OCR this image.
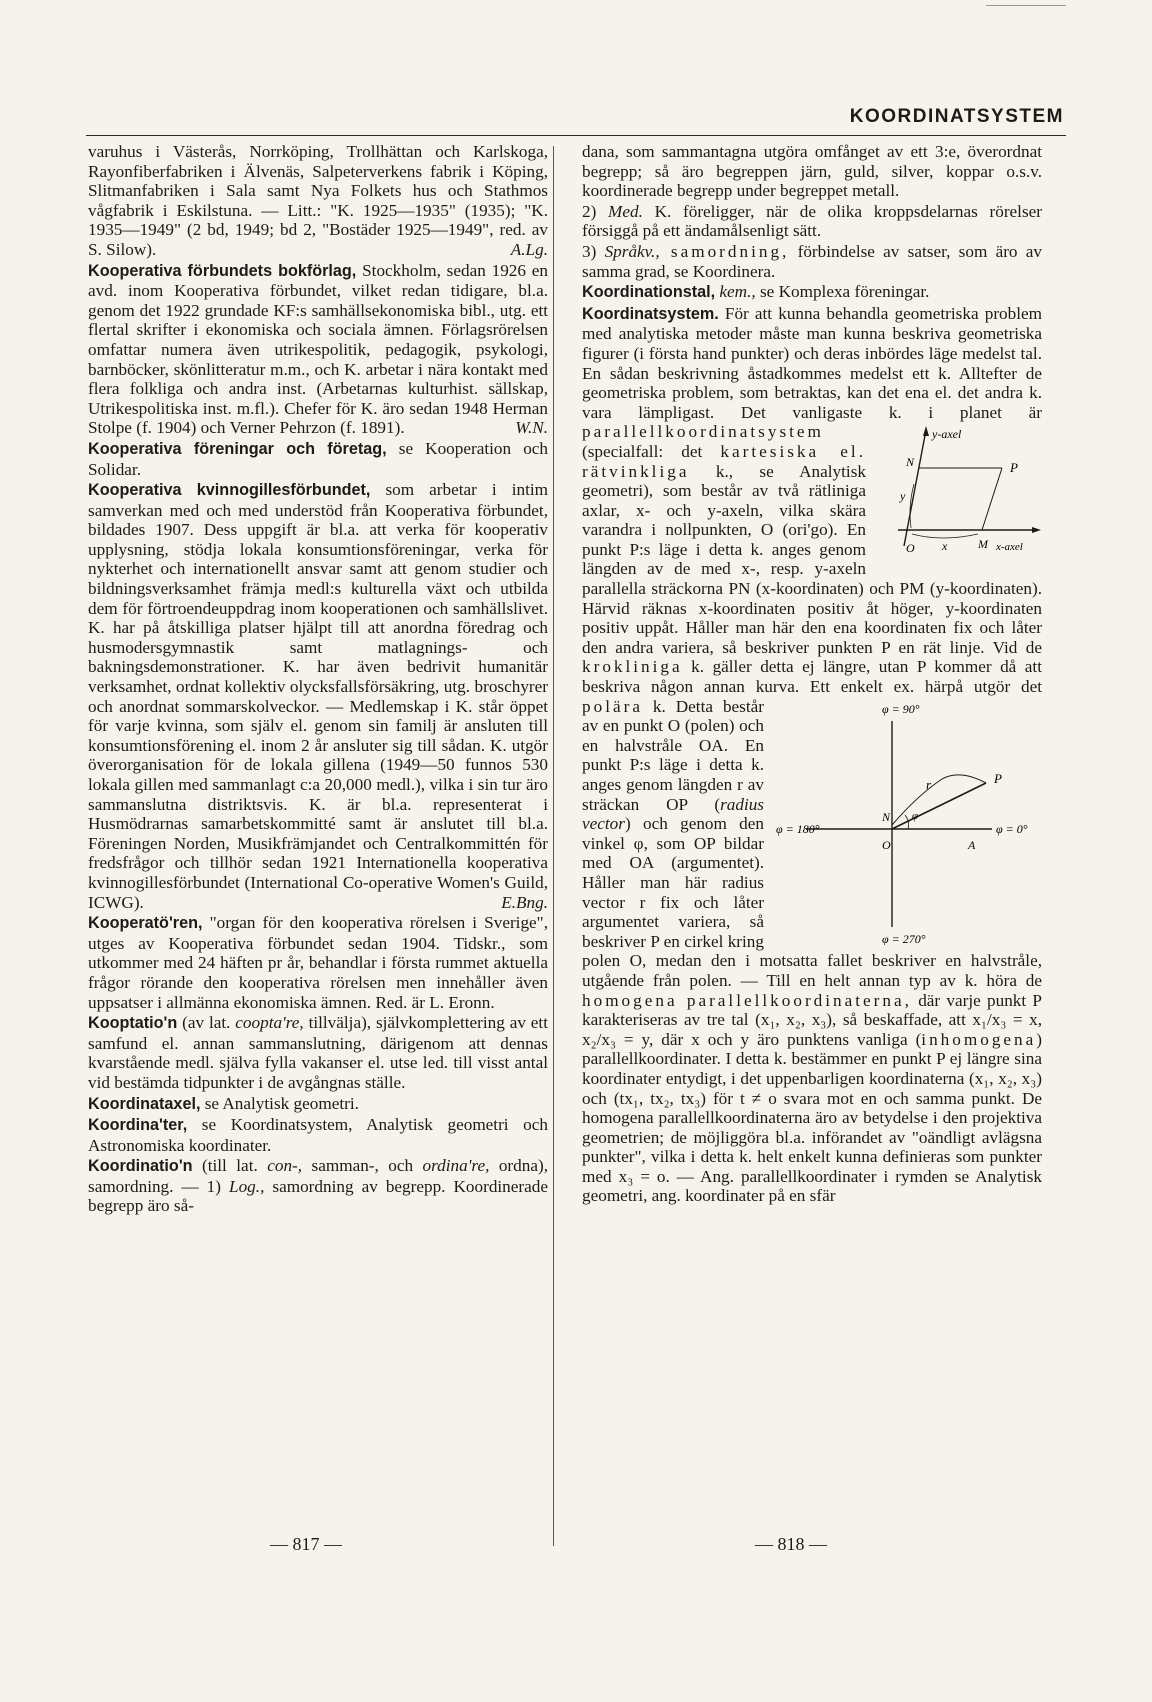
KOORDINATSYSTEM

varuhus i Västerås, Norrköping, Trollhättan och Karlskoga, Rayonfiberfabriken i Älvenäs, Salpeterverkens fabrik i Köping, Slitmanfabriken i Sala samt Nya Folkets hus och Stathmos vågfabrik i Eskilstuna. — Litt.: "K. 1925—1935" (1935); "K. 1935—1949" (2 bd, 1949; bd 2, "Bostäder 1925—1949", red. av S. Silow).	A.Lg.

Kooperativa förbundets bokförlag, Stockholm, sedan 1926 en avd. inom Kooperativa förbundet, vilket redan tidigare, bl.a. genom det 1922 grundade KF:s samhällsekonomiska bibl., utg. ett flertal skrifter i ekonomiska och sociala ämnen. Förlagsrörelsen omfattar numera även utrikespolitik, pedagogik, psykologi, barnböcker, skönlitteratur m.m., och K. arbetar i nära kontakt med flera folkliga och andra inst. (Arbetarnas kulturhist. sällskap, Utrikespolitiska inst. m.fl.). Chefer för K. äro sedan 1948 Herman Stolpe (f. 1904) och Verner Pehrzon (f. 1891).	W.N.

Kooperativa föreningar och företag, se Kooperation och Solidar.

Kooperativa kvinnogillesförbundet, som arbetar i intim samverkan med och med understöd från Kooperativa förbundet, bildades 1907. Dess uppgift är bl.a. att verka för kooperativ upplysning, stödja lokala konsumtionsföreningar, verka för nykterhet och internationellt ansvar samt att genom studier och bildningsverksamhet främja medl:s kulturella växt och utbilda dem för förtroendeuppdrag inom kooperationen och samhällslivet. K. har på åtskilliga platser hjälpt till att anordna föredrag och husmodersgymnastik samt matlagnings- och bakningsdemonstrationer. K. har även bedrivit humanitär verksamhet, ordnat kollektiv olycksfallsförsäkring, utg. broschyrer och anordnat sommarskolveckor. — Medlemskap i K. står öppet för varje kvinna, som själv el. genom sin familj är ansluten till konsumtionsförening el. inom 2 år ansluter sig till sådan. K. utgör överorganisation för de lokala gillena (1949—50 funnos 530 lokala gillen med sammanlagt c:a 20,000 medl.), vilka i sin tur äro sammanslutna distriktsvis. K. är bl.a. representerat i Husmödrarnas samarbetskommitté samt är anslutet till bl.a. Föreningen Norden, Musikfrämjandet och Centralkommittén för fredsfrågor och tillhör sedan 1921 Internationella kooperativa kvinnogillesförbundet (International Co-operative Women's Guild, ICWG).	E.Bng.

Kooperatö'ren, "organ för den kooperativa rörelsen i Sverige", utges av Kooperativa förbundet sedan 1904. Tidskr., som utkommer med 24 häften pr år, behandlar i första rummet aktuella frågor rörande den kooperativa rörelsen men innehåller även uppsatser i allmänna ekonomiska ämnen. Red. är L. Eronn.

Kooptatio'n (av lat. coopta're, tillvälja), självkomplettering av ett samfund el. annan sammanslutning, därigenom att dennas kvarstående medl. själva fylla vakanser el. utse led. till visst antal vid bestämda tidpunkter i de avgångnas ställe.

Koordinataxel, se Analytisk geometri.

Koordina'ter, se Koordinatsystem, Analytisk geometri och Astronomiska koordinater.

Koordinatio'n (till lat. con-, samman-, och ordina're, ordna), samordning. — 1) Log., samordning av begrepp. Koordinerade begrepp äro så-

dana, som sammantagna utgöra omfånget av ett 3:e, överordnat begrepp; så äro begreppen järn, guld, silver, koppar o.s.v. koordinerade begrepp under begreppet metall.

2) Med. K. föreligger, när de olika kroppsdelarnas rörelser försiggå på ett ändamålsenligt sätt.

3) Språkv., samordning, förbindelse av satser, som äro av samma grad, se Koordinera.

Koordinationstal, kem., se Komplexa föreningar.

Koordinatsystem. För att kunna behandla geometriska problem med analytiska metoder måste man kunna beskriva geometriska figurer (i första hand punkter) och deras inbördes läge medelst tal. En sådan beskrivning åstadkommes medelst ett k. Alltefter de geometriska problem, som betraktas, kan det ena el. det andra k. vara lämpligast. Det vanligaste k. i planet är
y-axel
P
N
y
O x	M x-axel
parallellkoordinatsystem (specialfall: det kartesiska el. rätvinkliga k., se Analytisk geometri), som består av två rätliniga axlar, x- och y-axeln, vilka skära varandra i nollpunkten, O (ori'go). En punkt P:s läge i detta k. anges genom längden av de med x-, resp. y-axeln parallella sträckorna PN (x-koordinaten) och PM (y-koordinaten). Härvid räknas x-koordinaten positiv åt höger, y-koordinaten positiv uppåt. Håller man här den ena koordinaten fix och låter den andra variera, så beskriver punkten P en rät linje. Vid de krokliniga k. gäller detta ej längre, utan P kommer då att beskriva någon annan kurva. Ett enkelt ex. härpå utgör det
φ = 90°
φ = 180°	φ = 0°
φ = 270°
P
r
φ
N
O	A
polära k. Detta består av en punkt O (polen) och en halvstråle OA. En punkt P:s läge i detta k. anges genom längden r av sträckan OP (radius vector) och genom den vinkel φ, som OP bildar med OA (argumentet). Håller man här radius vector r fix och låter argumentet variera, så beskriver P en cirkel kring polen O, medan den i motsatta fallet beskriver en halvstråle, utgående från polen. — Till en helt annan typ av k. höra de homogena parallellkoordinaterna, där varje punkt P karakteriseras av tre tal (x₁, x₂, x₃), så beskaffade, att x₁/x₃ = x, x₂/x₃ = y, där x och y äro punktens vanliga (inhomogena) parallellkoordinater. I detta k. bestämmer en punkt P ej längre sina koordinater entydigt, i det uppenbarligen koordinaterna (x₁, x₂, x₃) och (tx₁, tx₂, tx₃) för t ≠ o svara mot en och samma punkt. De homogena parallellkoordinaterna äro av betydelse i den projektiva geometrien; de möjliggöra bl.a. införandet av "oändligt avlägsna punkter", vilka i detta k. helt enkelt kunna definieras som punkter med x₃ = o. — Ang. parallellkoordinater i rymden se Analytisk geometri, ang. koordinater på en sfär

— 817 —	— 818 —
